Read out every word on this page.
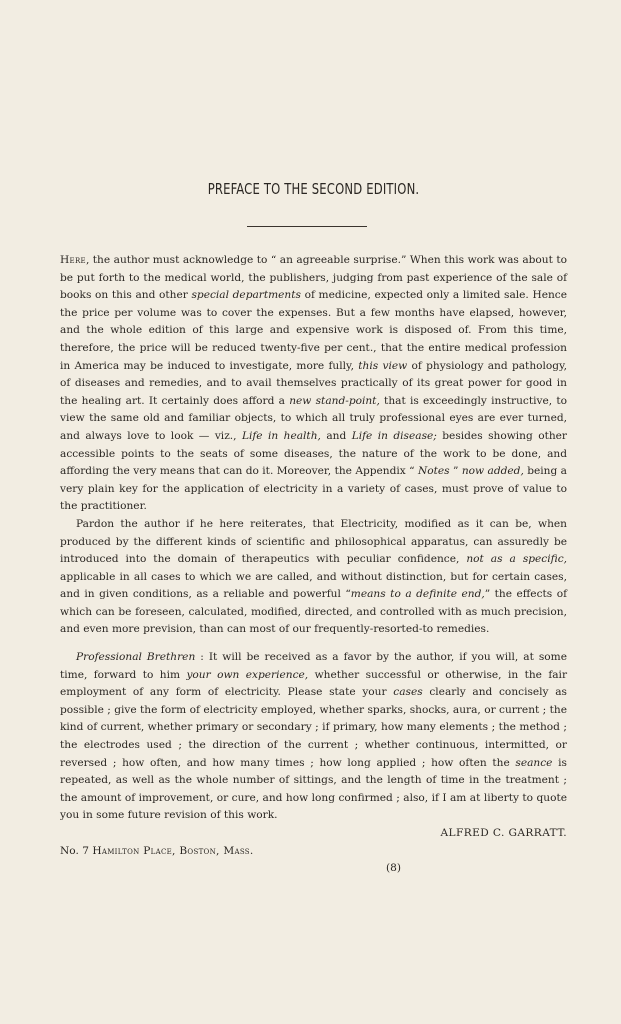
PREFACE TO THE SECOND EDITION.

Here, the author must acknowledge to “ an agreeable surprise.” When this work was about to be put forth to the medical world, the publishers, judging from past experience of the sale of books on this and other special departments of medicine, expected only a limited sale. Hence the price per volume was to cover the expenses. But a few months have elapsed, however, and the whole edition of this large and expensive work is disposed of. From this time, therefore, the price will be reduced twenty-five per cent., that the entire medical profession in America may be induced to investigate, more fully, this view of physiology and pathology, of diseases and remedies, and to avail themselves practically of its great power for good in the healing art. It certainly does afford a new stand-point, that is exceedingly instructive, to view the same old and familiar objects, to which all truly professional eyes are ever turned, and always love to look — viz., Life in health, and Life in disease; besides showing other accessible points to the seats of some diseases, the nature of the work to be done, and affording the very means that can do it. Moreover, the Appendix “ Notes ” now added, being a very plain key for the application of electricity in a variety of cases, must prove of value to the practitioner.

Pardon the author if he here reiterates, that Electricity, modified as it can be, when produced by the different kinds of scientific and philosophical apparatus, can assuredly be introduced into the domain of therapeutics with peculiar confidence, not as a specific, applicable in all cases to which we are called, and without distinction, but for certain cases, and in given conditions, as a reliable and powerful “means to a definite end,” the effects of which can be foreseen, calculated, modified, directed, and controlled with as much precision, and even more prevision, than can most of our frequently-resorted-to remedies.

Professional Brethren : It will be received as a favor by the author, if you will, at some time, forward to him your own experience, whether successful or otherwise, in the fair employment of any form of electricity. Please state your cases clearly and concisely as possible ; give the form of electricity employed, whether sparks, shocks, aura, or current ; the kind of current, whether primary or secondary ; if primary, how many elements ; the method ; the electrodes used ; the direction of the current ; whether continuous, intermitted, or reversed ; how often, and how many times ; how long applied ; how often the seance is repeated, as well as the whole number of sittings, and the length of time in the treatment ; the amount of improvement, or cure, and how long confirmed ; also, if I am at liberty to quote you in some future revision of this work.

ALFRED C. GARRATT.

No. 7 Hamilton Place, Boston, Mass.

(8)
